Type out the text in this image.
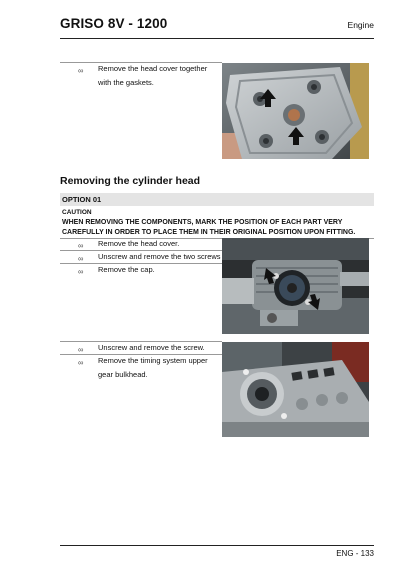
GRISO 8V - 1200	Engine
∞ Remove the head cover together with the gaskets.
Removing the cylinder head
OPTION 01
CAUTION
WHEN REMOVING THE COMPONENTS, MARK THE POSITION OF EACH PART VERY CAREFULLY IN ORDER TO PLACE THEM IN THEIR ORIGINAL POSITION UPON FITTING.
∞ Remove the head cover.
∞ Unscrew and remove the two screws
∞ Remove the cap.
∞ Unscrew and remove the screw.
∞ Remove the timing system upper gear bulkhead.
ENG - 133
